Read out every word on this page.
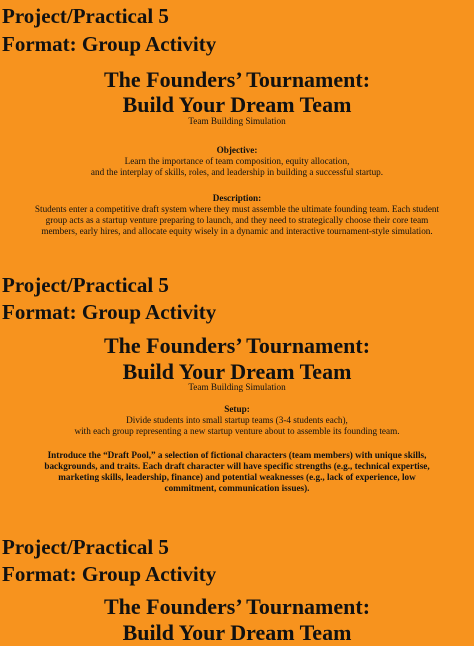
Project/Practical 5
Format: Group Activity
The Founders’ Tournament:
Build Your Dream Team
Team Building Simulation
Objective:
Learn the importance of team composition, equity allocation,
and the interplay of skills, roles, and leadership in building a successful startup.
Description:
Students enter a competitive draft system where they must assemble the ultimate founding team. Each student
group acts as a startup venture preparing to launch, and they need to strategically choose their core team
members, early hires, and allocate equity wisely in a dynamic and interactive tournament-style simulation.
Project/Practical 5
Format: Group Activity
The Founders’ Tournament:
Build Your Dream Team
Team Building Simulation
Setup:
Divide students into small startup teams (3-4 students each),
with each group representing a new startup venture about to assemble its founding team.
Introduce the “Draft Pool,” a selection of fictional characters (team members) with unique skills,
backgrounds, and traits. Each draft character will have specific strengths (e.g., technical expertise,
marketing skills, leadership, finance) and potential weaknesses (e.g., lack of experience, low
commitment, communication issues).
Project/Practical 5
Format: Group Activity
The Founders’ Tournament:
Build Your Dream Team
